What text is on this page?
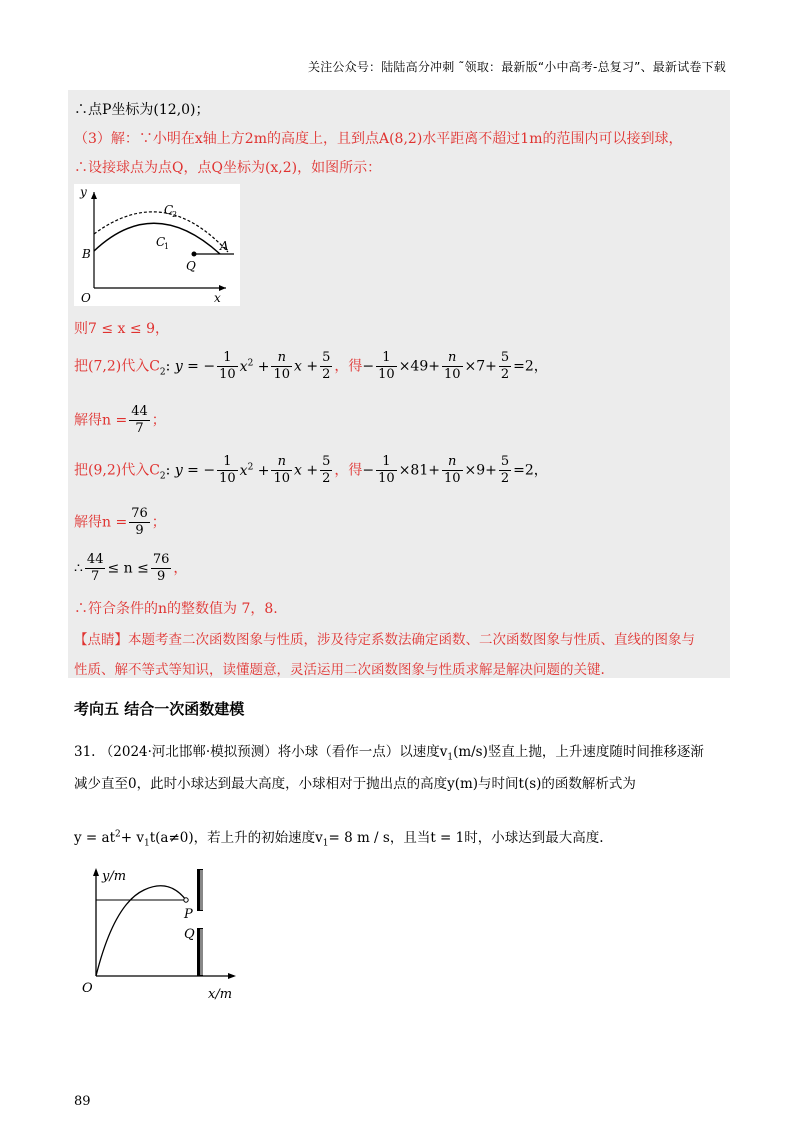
关注公众号：陆陆高分冲刺 ˜领取：最新版“小中高考-总复习”、最新试卷下载
∴点P坐标为(12,0)；
（3）解：∵小明在x轴上方2m的高度上，且到点A(8,2)水平距离不超过1m的范围内可以接到球，
∴设接球点为点Q，点Q坐标为(x,2)，如图所示：
y
x
O
B
A
Q
C
1
C
2
则7 ≤ x ≤ 9，
把(7,2)代入$C_2$: y = − $\frac{1}{10} x^2 + \frac{n}{10}$ $x + \frac{5}{2}$ ，得− $\frac{1}{10} \times 49+ \frac{n}{10} \times 7+ \frac{5}{2} =2$，
解得$n = \frac{44}{7}$ ；
把(9,2)代入$C_2$: y = − $\frac{1}{10} x^2 + \frac{n}{10}$ $x + \frac{5}{2}$ ，得− $\frac{1}{10} \times 81+ \frac{n}{10} \times 9+ \frac{5}{2} =2$，
解得$n = \frac{76}{9}$ ；
∴ $\frac{44}{7} \le n \le \frac{76}{9}$ ，
∴符合条件的n的整数值为 7，8.
【点睛】本题考查二次函数图象与性质，涉及待定系数法确定函数、二次函数图象与性质、直线的图象与
性质、解不等式等知识，读懂题意，灵活运用二次函数图象与性质求解是解决问题的关键.
考向五 结合一次函数建模
31. （2024·河北邯郸·模拟预测）将小球（看作一点）以速度$v_1(m/s)$竖直上抛，上升速度随时间推移逐渐
减少直至0，此时小球达到最大高度，小球相对于抛出点的高度y(m)与时间t(s)的函数解析式为
$y = at^2+ v_1t(a\ne 0)$，若上升的初始速度$v_1= 8$ m / s，且当t = 1时，小球达到最大高度.
y/m
x/m
O
P
Q
89
